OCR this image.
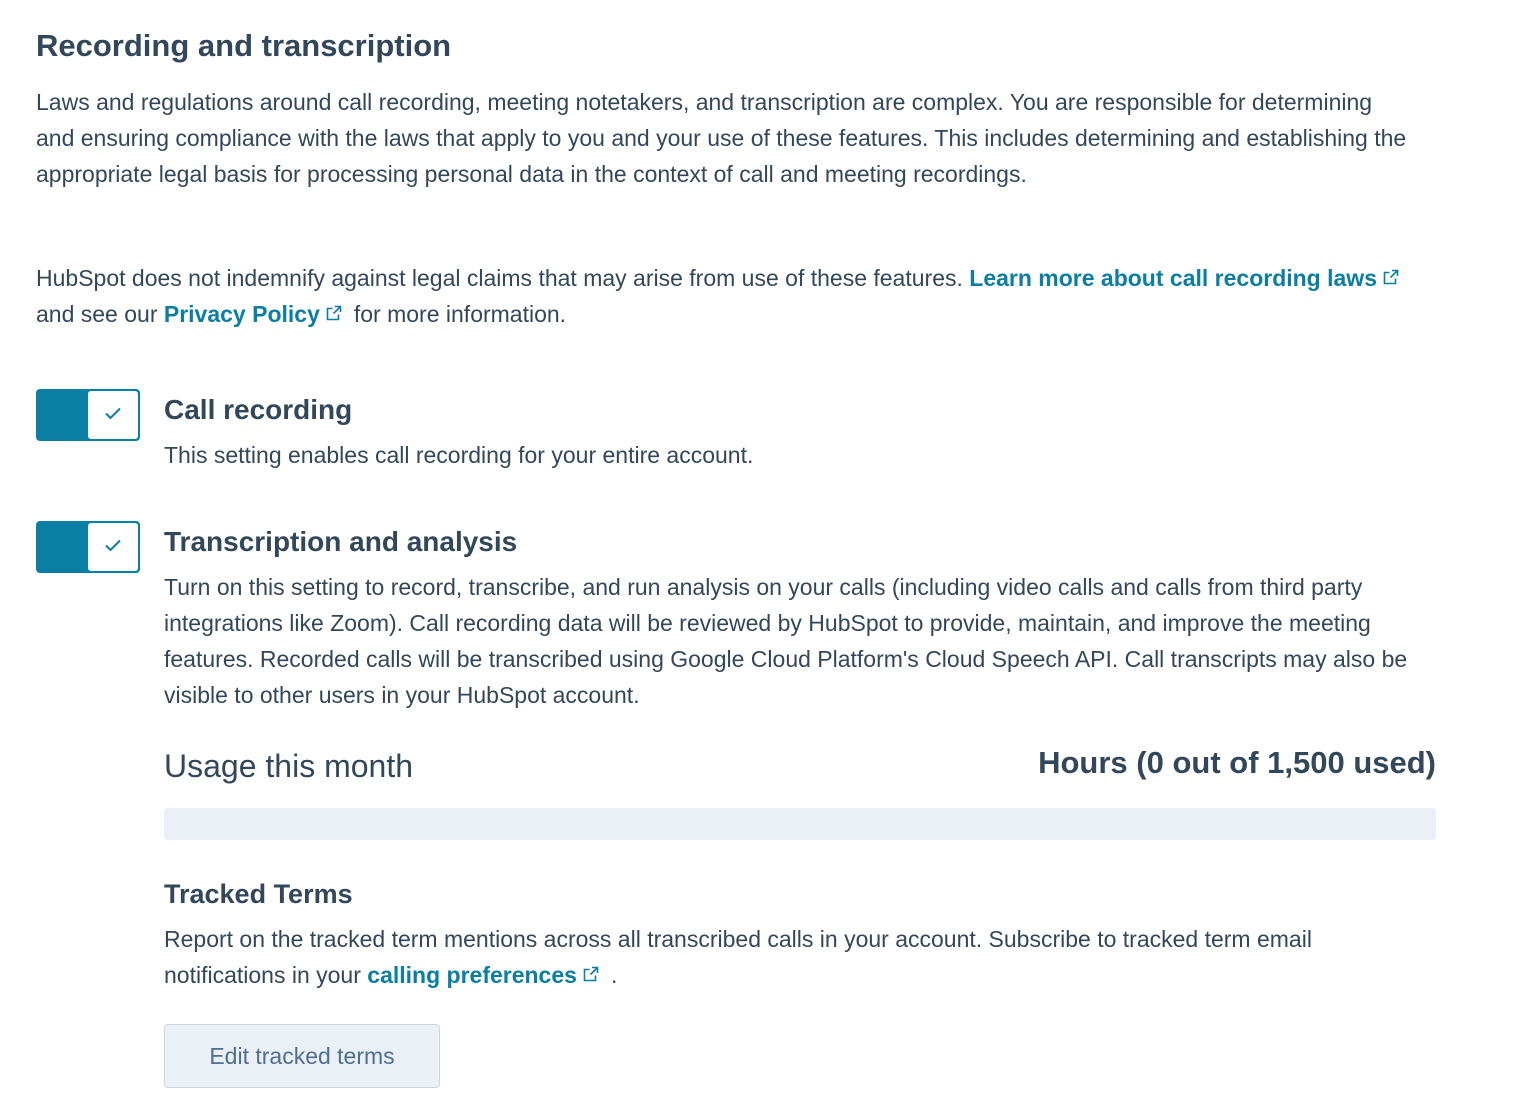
Recording and transcription

Laws and regulations around call recording, meeting notetakers, and transcription are complex. You are responsible for determining and ensuring compliance with the laws that apply to you and your use of these features. This includes determining and establishing the appropriate legal basis for processing personal data in the context of call and meeting recordings.

HubSpot does not indemnify against legal claims that may arise from use of these features. Learn more about call recording laws
and see our Privacy Policy for more information.

Call recording

This setting enables call recording for your entire account.

Transcription and analysis

Turn on this setting to record, transcribe, and run analysis on your calls (including video calls and calls from third party integrations like Zoom). Call recording data will be reviewed by HubSpot to provide, maintain, and improve the meeting features. Recorded calls will be transcribed using Google Cloud Platform's Cloud Speech API. Call transcripts may also be visible to other users in your HubSpot account.

Usage this month	Hours (0 out of 1,500 used)
Tracked Terms

Report on the tracked term mentions across all transcribed calls in your account. Subscribe to tracked term email notifications in your calling preferences .

Edit tracked terms
